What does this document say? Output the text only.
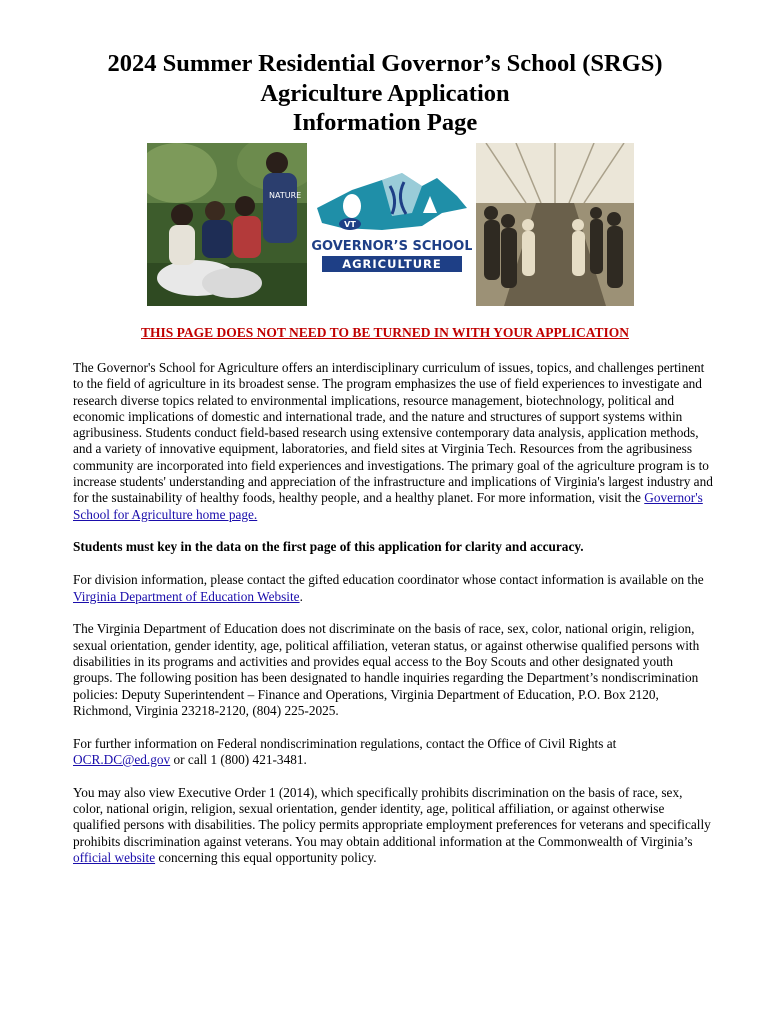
2024 Summer Residential Governor’s School (SRGS)
Agriculture Application
Information Page
NATURE
VT
GOVERNOR’S SCHOOL
AGRICULTURE
THIS PAGE DOES NOT NEED TO BE TURNED IN WITH YOUR APPLICATION

The Governor's School for Agriculture offers an interdisciplinary curriculum of issues, topics, and challenges pertinent to the field of agriculture in its broadest sense. The program emphasizes the use of field experiences to investigate and research diverse topics related to environmental implications, resource management, biotechnology, political and economic implications of domestic and international trade, and the nature and structures of support systems within agribusiness. Students conduct field-based research using extensive contemporary data analysis, application methods, and a variety of innovative equipment, laboratories, and field sites at Virginia Tech. Resources from the agribusiness community are incorporated into field experiences and investigations. The primary goal of the agriculture program is to increase students' understanding and appreciation of the infrastructure and implications of Virginia's largest industry and for the sustainability of healthy foods, healthy people, and a healthy planet. For more information, visit the Governor's School for Agriculture home page.

Students must key in the data on the first page of this application for clarity and accuracy.

For division information, please contact the gifted education coordinator whose contact information is available on the Virginia Department of Education Website.

The Virginia Department of Education does not discriminate on the basis of race, sex, color, national origin, religion, sexual orientation, gender identity, age, political affiliation, veteran status, or against otherwise qualified persons with disabilities in its programs and activities and provides equal access to the Boy Scouts and other designated youth groups. The following position has been designated to handle inquiries regarding the Department’s nondiscrimination policies: Deputy Superintendent – Finance and Operations, Virginia Department of Education, P.O. Box 2120, Richmond, Virginia 23218-2120, (804) 225-2025.

For further information on Federal nondiscrimination regulations, contact the Office of Civil Rights at OCR.DC@ed.gov or call 1 (800) 421-3481.

You may also view Executive Order 1 (2014), which specifically prohibits discrimination on the basis of race, sex, color, national origin, religion, sexual orientation, gender identity, age, political affiliation, or against otherwise qualified persons with disabilities. The policy permits appropriate employment preferences for veterans and specifically prohibits discrimination against veterans. You may obtain additional information at the Commonwealth of Virginia’s official website concerning this equal opportunity policy.
